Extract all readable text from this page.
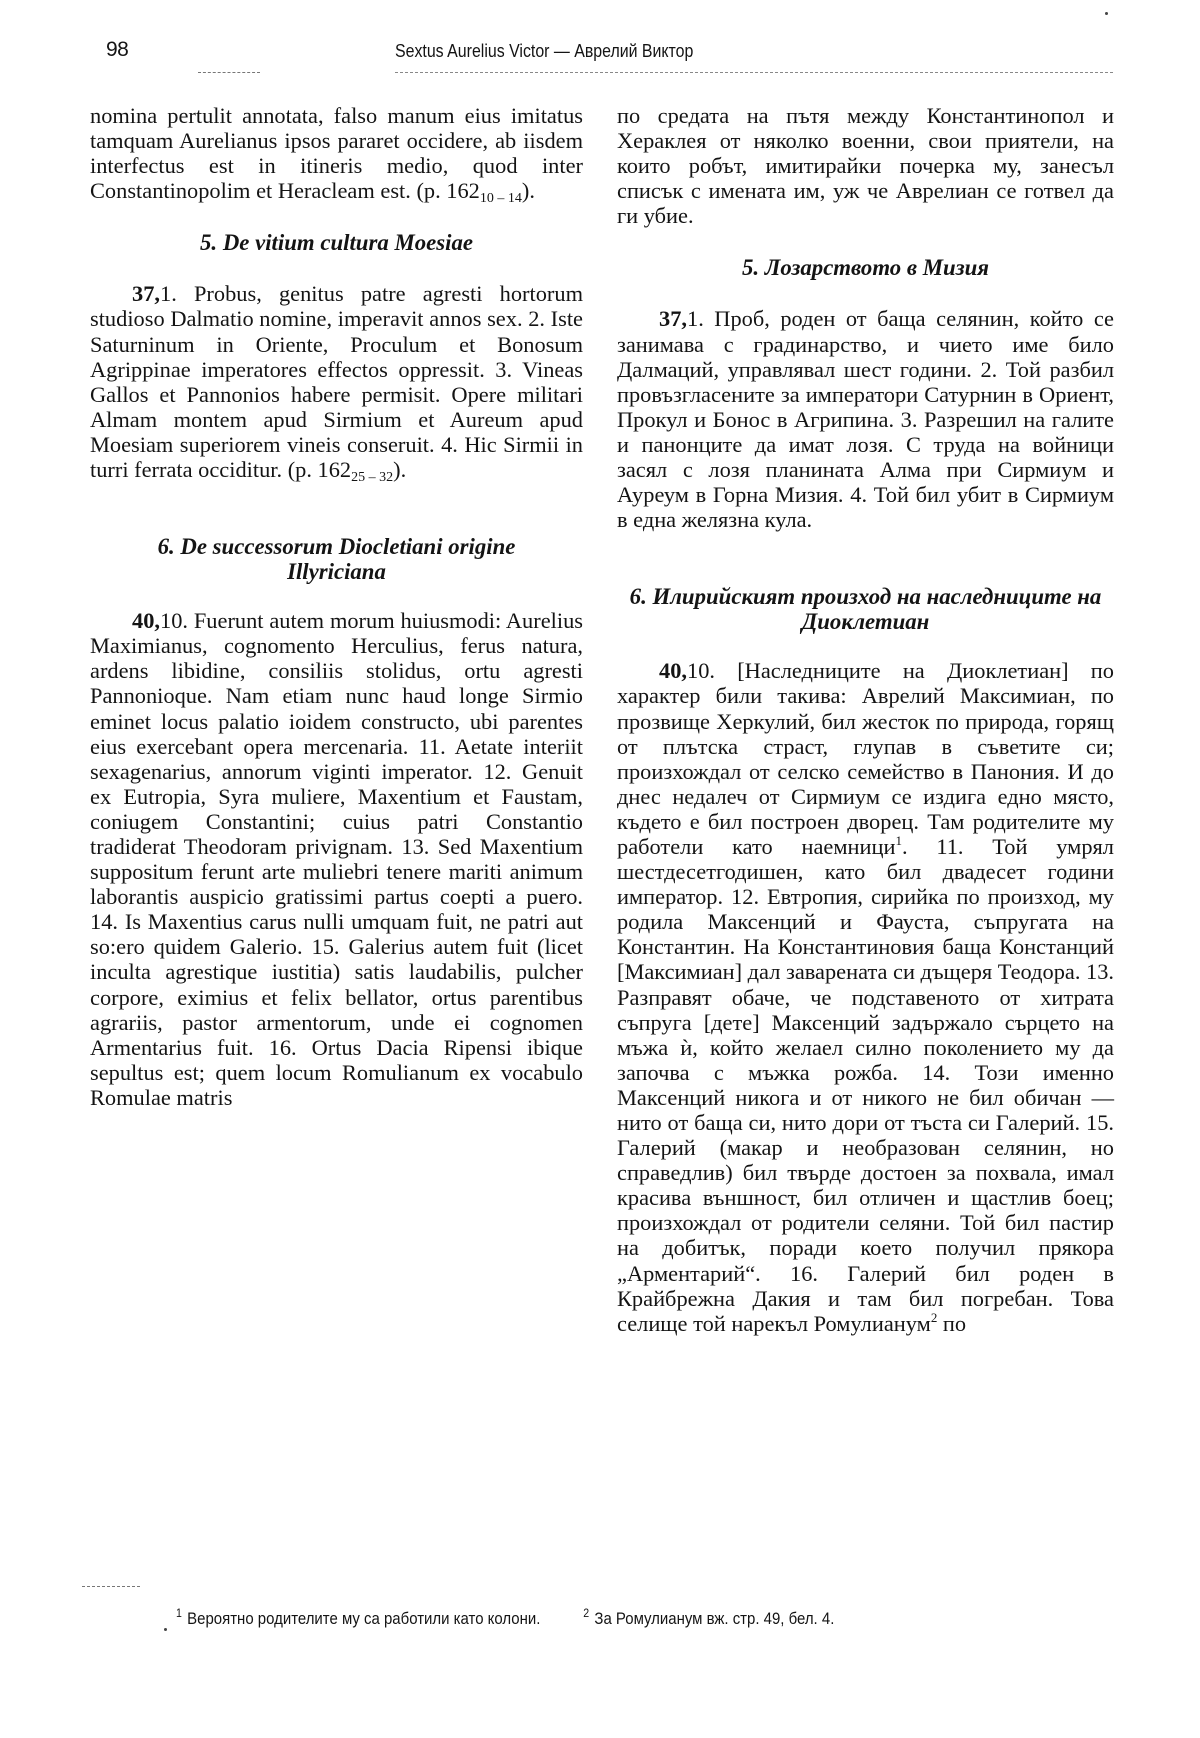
98	Sextus Aurelius Victor — Аврелий Виктор

nomina pertulit annotata, falso manum eius imitatus tamquam Aurelianus ipsos pararet occidere, ab iisdem interfectus est in itineris medio, quod inter Constantinopolim et Heracleam est. (p. $162_{10 - 14}$).

5. De vitium cultura Moesiae

37,1. Probus, genitus patre agresti hortorum studioso Dalmatio nomine, imperavit annos sex. 2. Iste Saturninum in Oriente, Proculum et Bonosum Agrippinae imperatores effectos oppressit. 3. Vineas Gallos et Pannonios habere permisit. Opere militari Almam montem apud Sirmium et Aureum apud Moesiam superiorem vineis conseruit. 4. Hic Sirmii in turri ferrata occiditur. (p. $162_{25 - 32}$).

6. De successorum Diocletiani origine Illyriciana

40,10. Fuerunt autem morum huiusmodi: Aurelius Maximianus, cognomento Herculius, ferus natura, ardens libidine, consiliis stolidus, ortu agresti Pannonioque. Nam etiam nunc haud longe Sirmio eminet locus palatio ioidem constructo, ubi parentes eius exercebant opera mercenaria. 11. Aetate interiit sexagenarius, annorum viginti imperator. 12. Genuit ex Eutropia, Syra muliere, Maxentium et Faustam, coniugem Constantini; cuius patri Constantio tradiderat Theodoram privignam. 13. Sed Maxentium suppositum ferunt arte muliebri tenere mariti animum laborantis auspicio gratissimi partus coepti a puero. 14. Is Maxentius carus nulli umquam fuit, ne patri aut so:ero quidem Galerio. 15. Galerius autem fuit (licet inculta agrestique iustitia) satis laudabilis, pulcher corpore, eximius et felix bellator, ortus parentibus agrariis, pastor armentorum, unde ei cognomen Armentarius fuit. 16. Ortus Dacia Ripensi ibique sepultus est; quem locum Romulianum ex vocabulo Romulae matris

по средата на пътя между Константинопол и Хераклея от няколко военни, свои приятели, на които робът, имитирайки почерка му, занесъл списък с имената им, уж че Аврелиан се готвел да ги убие.

5. Лозарството в Мизия

37,1. Проб, роден от баща селянин, който се занимава с градинарство, и чието име било Далмаций, управлявал шест години. 2. Той разбил провъзгласените за императори Сатурнин в Ориент, Прокул и Бонос в Агрипина. 3. Разрешил на галите и панонците да имат лозя. С труда на войници засял с лозя планината Алма при Сирмиум и Ауреум в Горна Мизия. 4. Той бил убит в Сирмиум в една желязна кула.

6. Илирийският произход на наследниците на Диоклетиан

40,10. [Наследниците на Диоклетиан] по характер били такива: Аврелий Максимиан, по прозвище Херкулий, бил жесток по природа, горящ от плътска страст, глупав в съветите си; произхождал от селско семейство в Панония. И до днес недалеч от Сирмиум се издига едно място, където е бил построен дворец. Там родителите му работели като наемници$^1$. 11. Той умрял шестдесетгодишен, като бил двадесет години император. 12. Евтропия, сирийка по произход, му родила Максенций и Фауста, съпругата на Константин. На Константиновия баща Констанций [Максимиан] дал заварената си дъщеря Теодора. 13. Разправят обаче, че подставеното от хитрата съпруга [дете] Максенций задържало сърцето на мъжа ѝ, който желаел силно поколението му да започва с мъжка рожба. 14. Този именно Максенций никога и от никого не бил обичан — нито от баща си, нито дори от тъста си Галерий. 15. Галерий (макар и необразован селянин, но справедлив) бил твърде достоен за похвала, имал красива външност, бил отличен и щастлив боец; произхождал от родители селяни. Той бил пастир на добитък, поради което получил прякора „Арментарий“. 16. Галерий бил роден в Крайбрежна Дакия и там бил погребан. Това селище той нарекъл Ромулианум$^2$ по

$^1$ Вероятно родителите му са работили като колони.	$^2$ За Ромулианум вж. стр. 49, бел. 4.
